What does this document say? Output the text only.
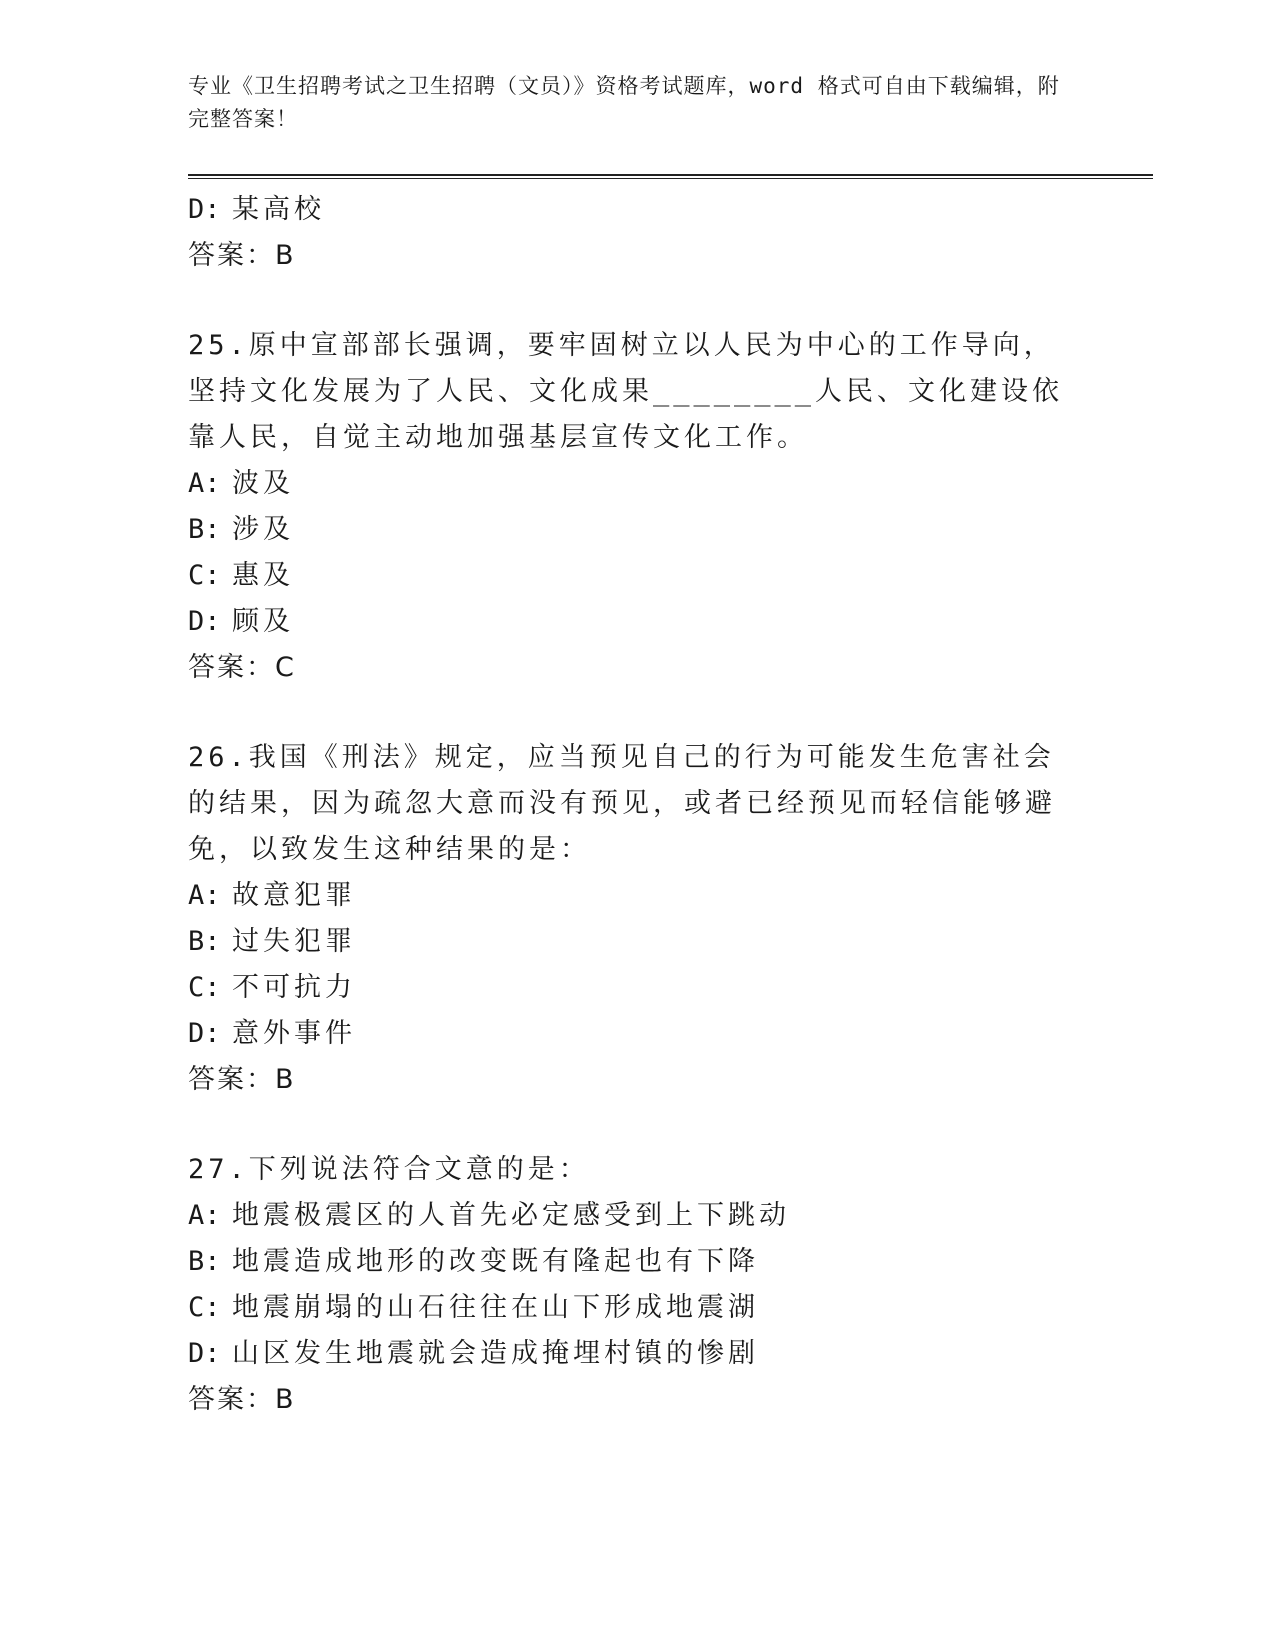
专业《卫生招聘考试之卫生招聘（文员）》资格考试题库，word 格式可自由下载编辑，附完整答案！

D: 某高校
答案：B
25.原中宣部部长强调，要牢固树立以人民为中心的工作导向，坚持文化发展为了人民、文化成果________人民、文化建设依靠人民，自觉主动地加强基层宣传文化工作。
A: 波及
B: 涉及
C: 惠及
D: 顾及
答案：C
26.我国《刑法》规定，应当预见自己的行为可能发生危害社会的结果，因为疏忽大意而没有预见，或者已经预见而轻信能够避免，以致发生这种结果的是：
A: 故意犯罪
B: 过失犯罪
C: 不可抗力
D: 意外事件
答案：B
27.下列说法符合文意的是：
A: 地震极震区的人首先必定感受到上下跳动
B: 地震造成地形的改变既有隆起也有下降
C: 地震崩塌的山石往往在山下形成地震湖
D: 山区发生地震就会造成掩埋村镇的惨剧
答案：B
